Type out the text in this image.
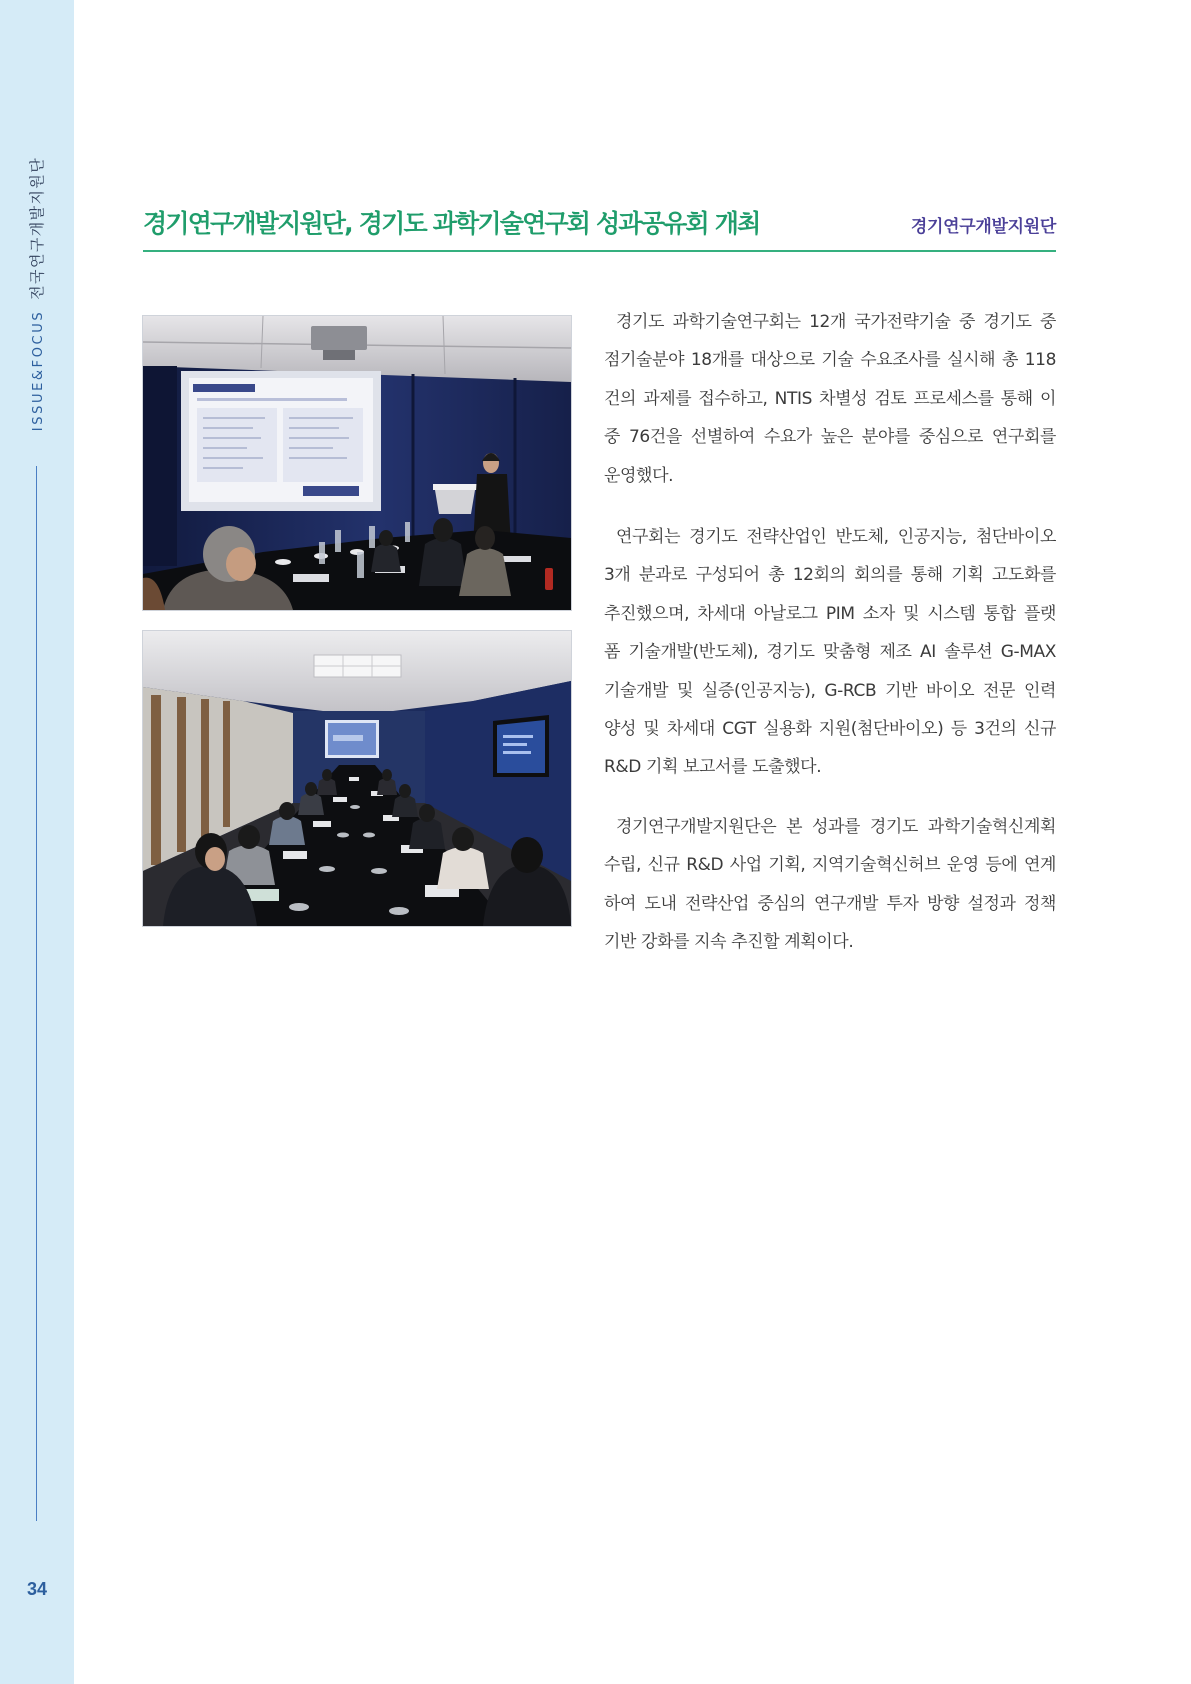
ISSUE&FOCUS전국연구개발지원단
34
경기연구개발지원단, 경기도 과학기술연구회 성과공유회 개최	경기연구개발지원단
경기도 과학기술연구회는 12개 국가전략기술 중 경기도 중
점기술분야 18개를 대상으로 기술 수요조사를 실시해 총 118
건의 과제를 접수하고, NTIS 차별성 검토 프로세스를 통해 이
중 76건을 선별하여 수요가 높은 분야를 중심으로 연구회를
운영했다.
연구회는 경기도 전략산업인 반도체, 인공지능, 첨단바이오
3개 분과로 구성되어 총 12회의 회의를 통해 기획 고도화를
추진했으며, 차세대 아날로그 PIM 소자 및 시스템 통합 플랫
폼 기술개발(반도체), 경기도 맞춤형 제조 AI 솔루션 G-MAX
기술개발 및 실증(인공지능), G-RCB 기반 바이오 전문 인력
양성 및 차세대 CGT 실용화 지원(첨단바이오) 등 3건의 신규
R&D 기획 보고서를 도출했다.
경기연구개발지원단은 본 성과를 경기도 과학기술혁신계획
수립, 신규 R&D 사업 기획, 지역기술혁신허브 운영 등에 연계
하여 도내 전략산업 중심의 연구개발 투자 방향 설정과 정책
기반 강화를 지속 추진할 계획이다.
